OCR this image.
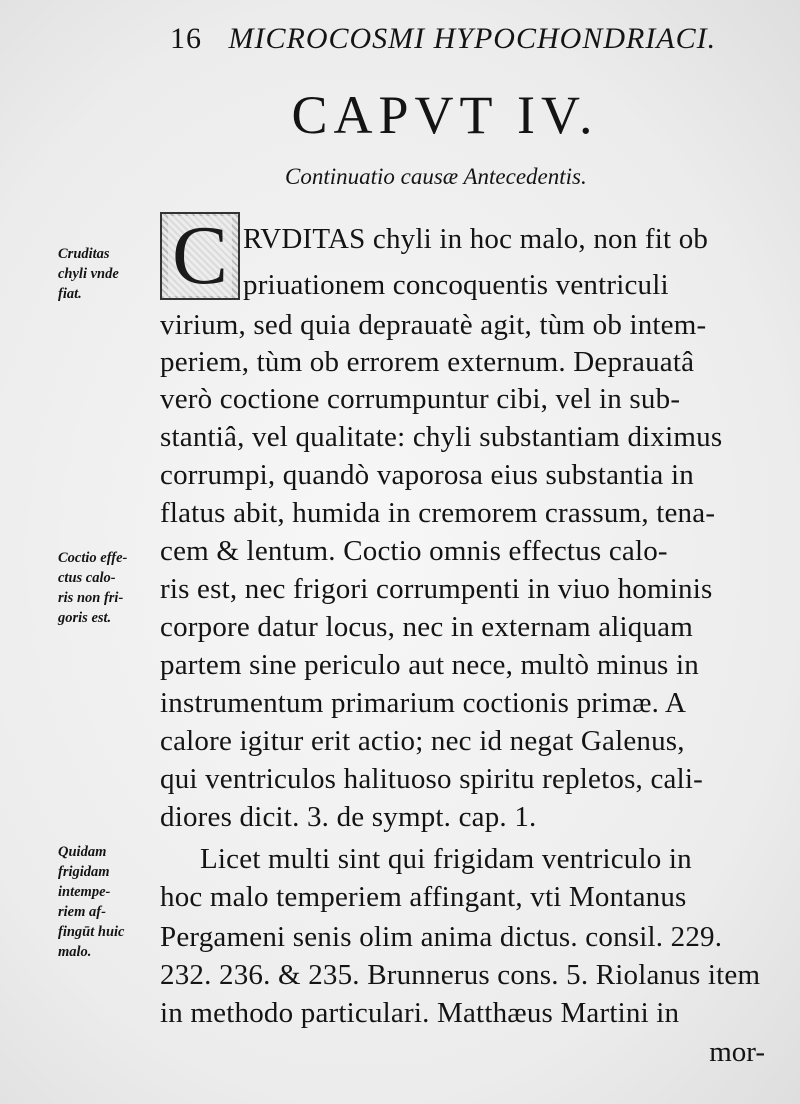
16 MICROCOSMI HYPOCHONDRIACI.
CAPVT IV.
Continuatio causæ Antecedentis.
Cruditas
chyli vnde
fiat.
Coctio effe-
ctus calo-
ris non fri-
goris est.
Quidam
frigidam
intempe-
riem af-
fingūt huic
malo.
C RVDITAS chyli in hoc malo, non fit ob
priuationem concoquentis ventriculi
virium, sed quia deprauatè agit, tùm ob intem-
periem, tùm ob errorem externum. Deprauatâ
verò coctione corrumpuntur cibi, vel in sub-
stantiâ, vel qualitate: chyli substantiam diximus
corrumpi, quandò vaporosa eius substantia in
flatus abit, humida in cremorem crassum, tena-
cem & lentum. Coctio omnis effectus calo-
ris est, nec frigori corrumpenti in viuo hominis
corpore datur locus, nec in externam aliquam
partem sine periculo aut nece, multò minus in
instrumentum primarium coctionis primæ. A
calore igitur erit actio; nec id negat Galenus,
qui ventriculos halituoso spiritu repletos, cali-
diores dicit. 3. de sympt. cap. 1.
Licet multi sint qui frigidam ventriculo in
hoc malo temperiem affingant, vti Montanus
Pergameni senis olim anima dictus. consil. 229.
232. 236. & 235. Brunnerus cons. 5. Riolanus item
in methodo particulari. Matthæus Martini in
mor-
